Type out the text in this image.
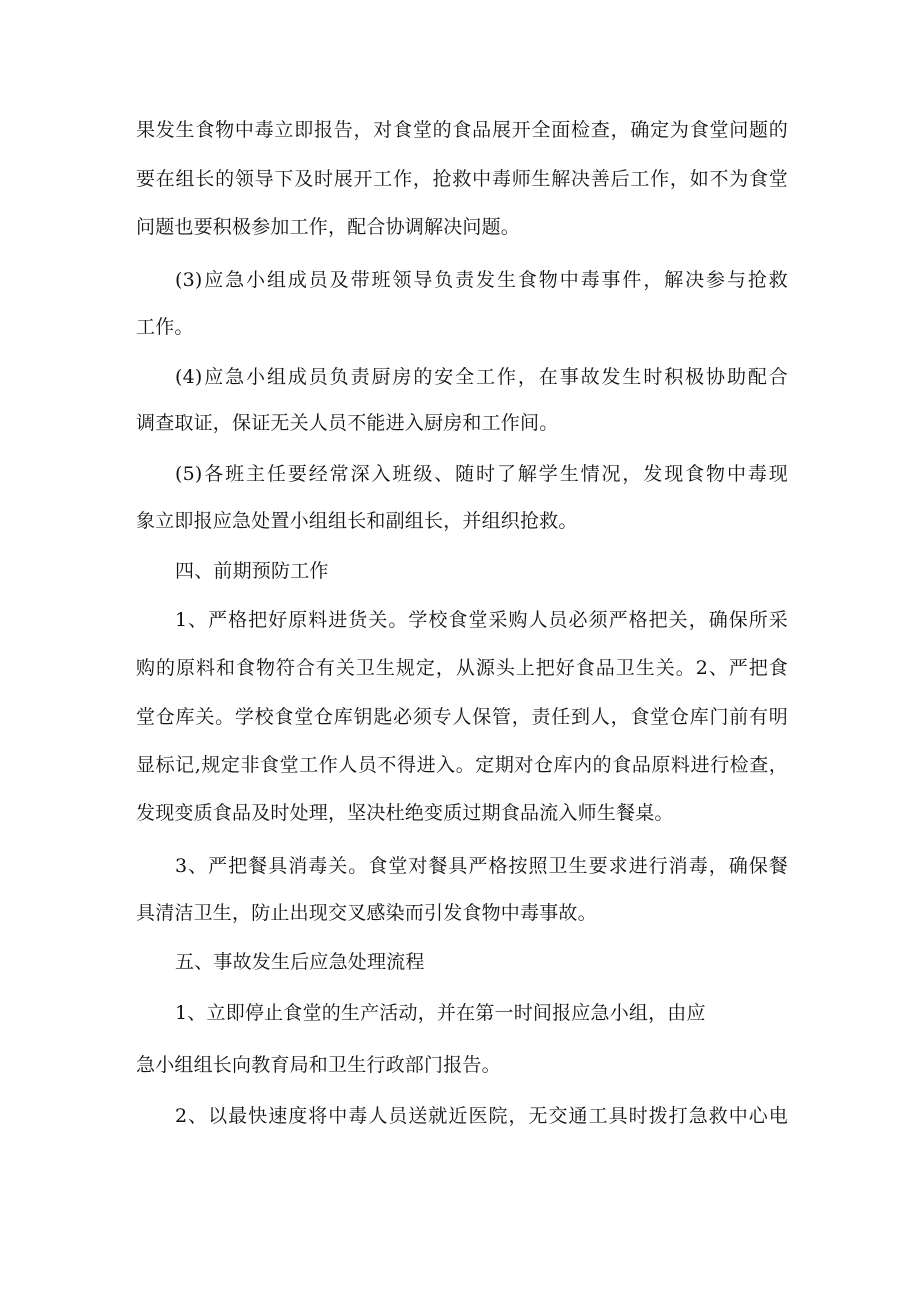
果发生食物中毒立即报告，对食堂的食品展开全面检查，确定为食堂问题的
要在组长的领导下及时展开工作，抢救中毒师生解决善后工作，如不为食堂
问题也要积极参加工作，配合协调解决问题。
(3)应急小组成员及带班领导负责发生食物中毒事件，解决参与抢救
工作。
(4)应急小组成员负责厨房的安全工作，在事故发生时积极协助配合
调查取证，保证无关人员不能进入厨房和工作间。
(5)各班主任要经常深入班级、随时了解学生情况，发现食物中毒现
象立即报应急处置小组组长和副组长，并组织抢救。
四、前期预防工作
1、严格把好原料进货关。学校食堂采购人员必须严格把关，确保所采
购的原料和食物符合有关卫生规定，从源头上把好食品卫生关。2、严把食
堂仓库关。学校食堂仓库钥匙必须专人保管，责任到人，食堂仓库门前有明
显标记,规定非食堂工作人员不得进入。定期对仓库内的食品原料进行检查，
发现变质食品及时处理，坚决杜绝变质过期食品流入师生餐桌。
3、严把餐具消毒关。食堂对餐具严格按照卫生要求进行消毒，确保餐
具清洁卫生，防止出现交叉感染而引发食物中毒事故。
五、事故发生后应急处理流程
1、立即停止食堂的生产活动，并在第一时间报应急小组，由应
急小组组长向教育局和卫生行政部门报告。
2、以最快速度将中毒人员送就近医院，无交通工具时拨打急救中心电
